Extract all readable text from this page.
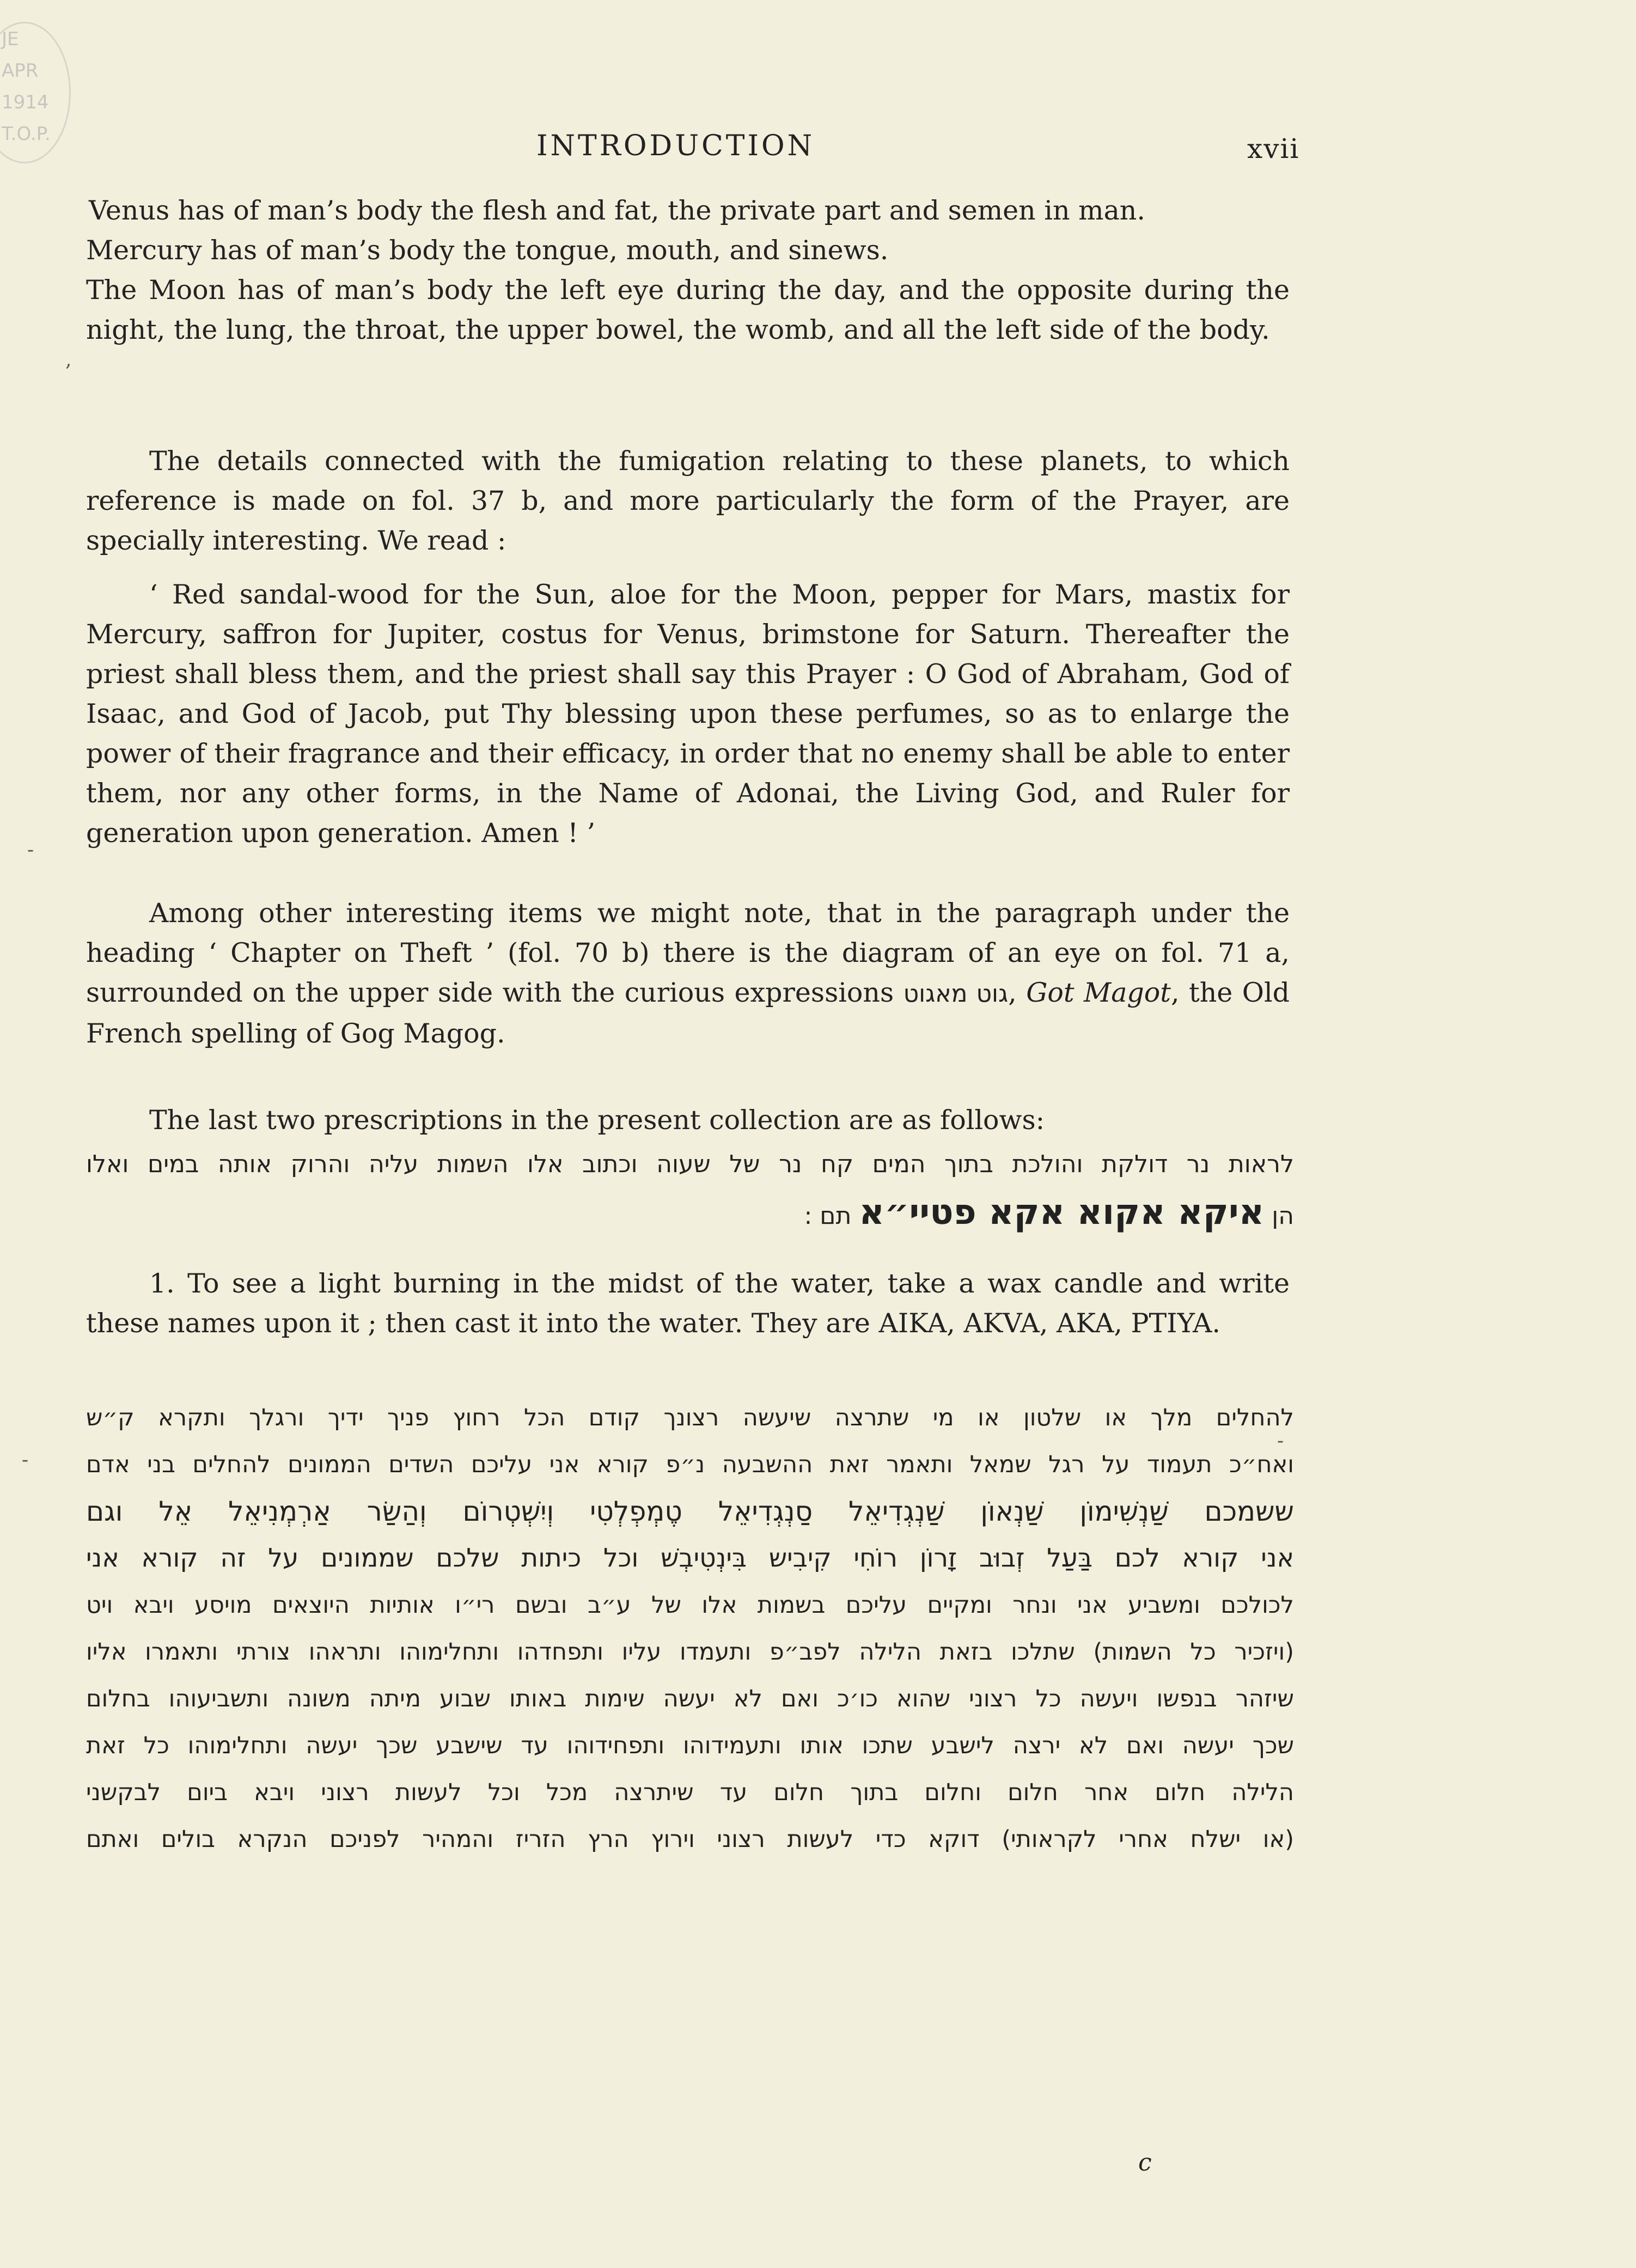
JE
APR 1914
T.O.P.	INTRODUCTION	xvii

Venus has of man’s body the flesh and fat, the private part and semen in man.

Mercury has of man’s body the tongue, mouth, and sinews.

The Moon has of man’s body the left eye during the day, and the opposite during the night, the lung, the throat, the upper bowel, the womb, and all the left side of the body.

The details connected with the fumigation relating to these planets, to which reference is made on fol. 37 b, and more particularly the form of the Prayer, are specially interesting. We read :

‘ Red sandal-wood for the Sun, aloe for the Moon, pepper for Mars, mastix for Mercury, saffron for Jupiter, costus for Venus, brimstone for Saturn. Thereafter the priest shall bless them, and the priest shall say this Prayer : O God of Abraham, God of Isaac, and God of Jacob, put Thy blessing upon these perfumes, so as to enlarge the power of their fragrance and their efficacy, in order that no enemy shall be able to enter them, nor any other forms, in the Name of Adonai, the Living God, and Ruler for generation upon generation. Amen ! ’

Among other interesting items we might note, that in the paragraph under the heading ‘ Chapter on Theft ’ (fol. 70 b) there is the diagram of an eye on fol. 71 a, surrounded on the upper side with the curious expressions גוט מאגוט, Got Magot, the Old French spelling of Gog Magog.

The last two prescriptions in the present collection are as follows:

לראות נר דולקת והולכת בתוך המים קח נר של שעוה וכתוב אלו השמות עליה והרוק אותה במים ואלו
הן איקא אקוא אקא פטיי״א תם :

1. To see a light burning in the midst of the water, take a wax candle and write these names upon it ; then cast it into the water. They are AIKA, AKVA, AKA, PTIYA.

להחלים מלך או שלטון או מי שתרצה שיעשה רצונך קודם הכל רחוץ פניך ידיך ורגלך ותקרא ק״ש
ואח״כ תעמוד על רגל שמאל ותאמר זאת ההשבעה נ״פ קורא אני עליכם השדים הממונים להחלים בני אדם
ששמכם שַׁנְשִׁימוֹן שַׁנְאוֹן שַׁנְגְדִיאֵל סַנְגְדִיאֵל טֶמְפְלְטִי וְיִשְׁטְרוֹם וְהַשַׂר אַרְמְנִיאֵל אֵל וגם
אני קורא לכם בַּעַל זְבוּב זָרוֹן רוֹחִי קִיבִיש בִּינְטִיבְשׁ וכל כיתות שלכם שממונים על זה קורא אני
לכולכם ומשביע אני ונחר ומקיים עליכם בשמות אלו של ע״ב ובשם רי״ו אותיות היוצאים מויסע ויבא ויט
(ויזכיר כל השמות) שתלכו בזאת הלילה לפב״פ ותעמדו עליו ותפחדהו ותחלימוהו ותראהו צורתי ותאמרו אליו
שיזהר בנפשו ויעשה כל רצוני שהוא כו׳כ ואם לא יעשה שימות באותו שבוע מיתה משונה ותשביעוהו בחלום
שכך יעשה ואם לא ירצה לישבע שתכו אותו ותעמידוהו ותפחידוהו עד שישבע שכך יעשה ותחלימוהו כל זאת
הלילה חלום אחר חלום וחלום בתוך חלום עד שיתרצה מכל וכל לעשות רצוני ויבא ביום לבקשני
(או ישלח אחרי לקראותי) דוקא כדי לעשות רצוני וירוץ הרץ הזריז והמהיר לפניכם הנקרא בולים ואתם
c
,
-
-
-
